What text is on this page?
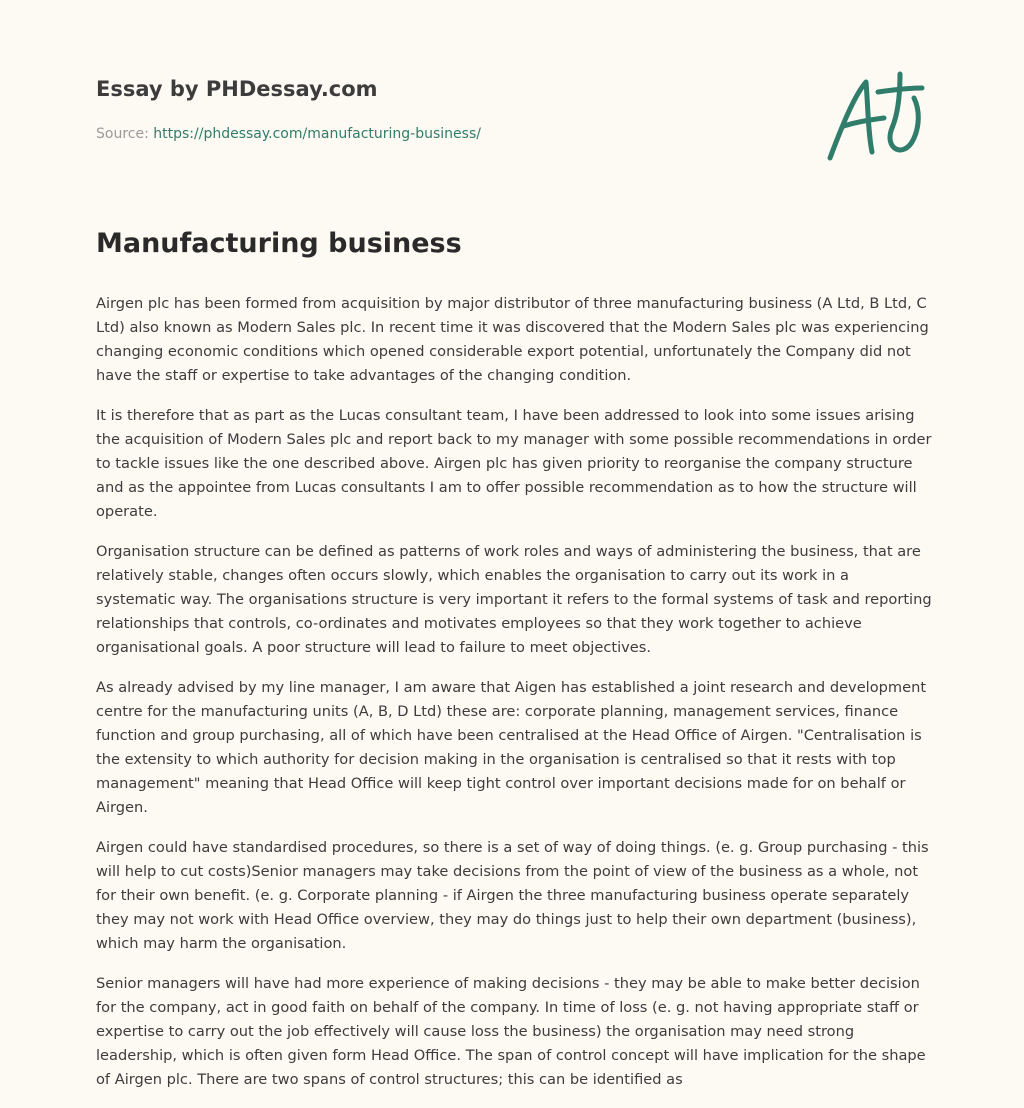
Essay by PHDessay.com
Source: https://phdessay.com/manufacturing-business/
Manufacturing business

Airgen plc has been formed from acquisition by major distributor of three manufacturing business (A Ltd, B Ltd, C Ltd) also known as Modern Sales plc. In recent time it was discovered that the Modern Sales plc was experiencing changing economic conditions which opened considerable export potential, unfortunately the Company did not have the staff or expertise to take advantages of the changing condition.

It is therefore that as part as the Lucas consultant team, I have been addressed to look into some issues arising the acquisition of Modern Sales plc and report back to my manager with some possible recommendations in order to tackle issues like the one described above. Airgen plc has given priority to reorganise the company structure and as the appointee from Lucas consultants I am to offer possible recommendation as to how the structure will operate.

Organisation structure can be defined as patterns of work roles and ways of administering the business, that are relatively stable, changes often occurs slowly, which enables the organisation to carry out its work in a systematic way. The organisations structure is very important it refers to the formal systems of task and reporting relationships that controls, co-ordinates and motivates employees so that they work together to achieve organisational goals. A poor structure will lead to failure to meet objectives.

As already advised by my line manager, I am aware that Aigen has established a joint research and development centre for the manufacturing units (A, B, D Ltd) these are: corporate planning, management services, finance function and group purchasing, all of which have been centralised at the Head Office of Airgen. "Centralisation is the extensity to which authority for decision making in the organisation is centralised so that it rests with top management" meaning that Head Office will keep tight control over important decisions made for on behalf or Airgen.

Airgen could have standardised procedures, so there is a set of way of doing things. (e. g. Group purchasing - this will help to cut costs)Senior managers may take decisions from the point of view of the business as a whole, not for their own benefit. (e. g. Corporate planning - if Airgen the three manufacturing business operate separately they may not work with Head Office overview, they may do things just to help their own department (business), which may harm the organisation.

Senior managers will have had more experience of making decisions - they may be able to make better decision for the company, act in good faith on behalf of the company. In time of loss (e. g. not having appropriate staff or expertise to carry out the job effectively will cause loss the business) the organisation may need strong leadership, which is often given form Head Office. The span of control concept will have implication for the shape of Airgen plc. There are two spans of control structures; this can be identified as
